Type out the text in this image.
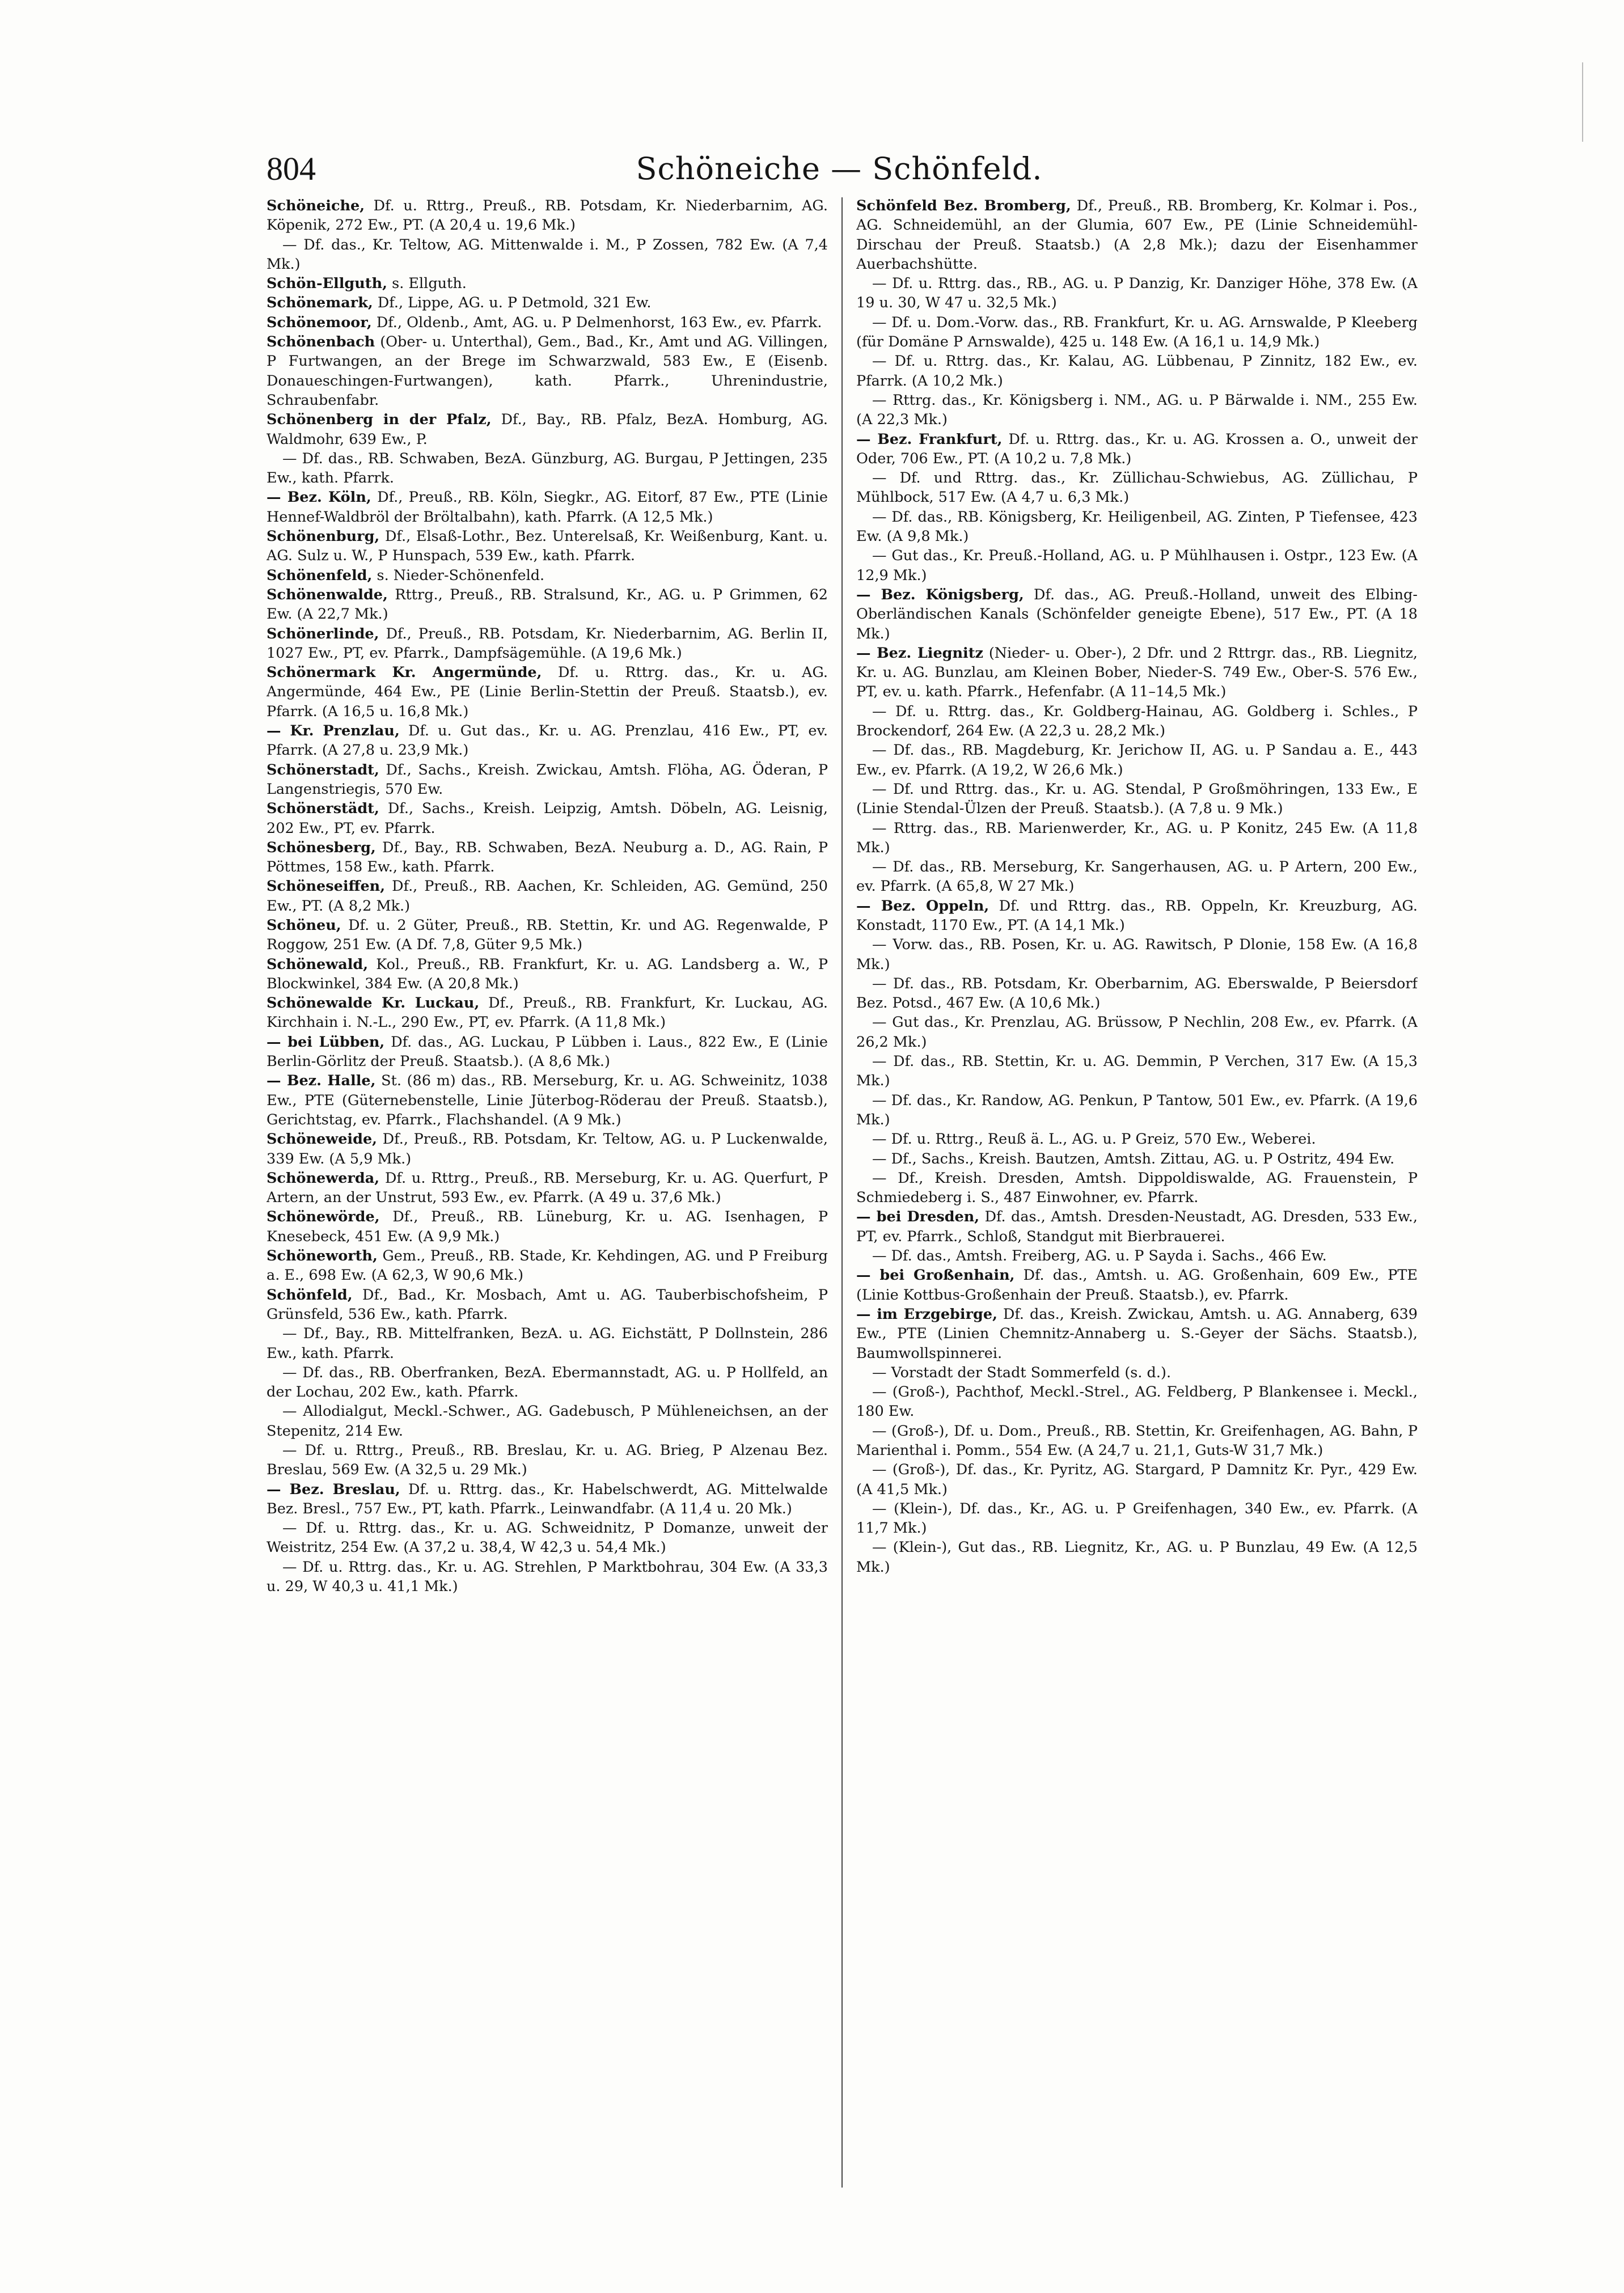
804	Schöneiche — Schönfeld.

Schöneiche, Df. u. Rttrg., Preuß., RB. Potsdam, Kr. Niederbarnim, AG. Köpenik, 272 Ew., PT. (A 20,4 u. 19,6 Mk.)

— Df. das., Kr. Teltow, AG. Mittenwalde i. M., P Zossen, 782 Ew. (A 7,4 Mk.)

Schön-Ellguth, s. Ellguth.

Schönemark, Df., Lippe, AG. u. P Detmold, 321 Ew.

Schönemoor, Df., Oldenb., Amt, AG. u. P Delmenhorst, 163 Ew., ev. Pfarrk.

Schönenbach (Ober- u. Unterthal), Gem., Bad., Kr., Amt und AG. Villingen, P Furtwangen, an der Brege im Schwarzwald, 583 Ew., E (Eisenb. Donaueschingen-Furtwangen), kath. Pfarrk., Uhrenindustrie, Schraubenfabr.

Schönenberg in der Pfalz, Df., Bay., RB. Pfalz, BezA. Homburg, AG. Waldmohr, 639 Ew., P.

— Df. das., RB. Schwaben, BezA. Günzburg, AG. Burgau, P Jettingen, 235 Ew., kath. Pfarrk.

— Bez. Köln, Df., Preuß., RB. Köln, Siegkr., AG. Eitorf, 87 Ew., PTE (Linie Hennef-Waldbröl der Bröltalbahn), kath. Pfarrk. (A 12,5 Mk.)

Schönenburg, Df., Elsaß-Lothr., Bez. Unterelsaß, Kr. Weißenburg, Kant. u. AG. Sulz u. W., P Hunspach, 539 Ew., kath. Pfarrk.

Schönenfeld, s. Nieder-Schönenfeld.

Schönenwalde, Rttrg., Preuß., RB. Stralsund, Kr., AG. u. P Grimmen, 62 Ew. (A 22,7 Mk.)

Schönerlinde, Df., Preuß., RB. Potsdam, Kr. Niederbarnim, AG. Berlin II, 1027 Ew., PT, ev. Pfarrk., Dampfsägemühle. (A 19,6 Mk.)

Schönermark Kr. Angermünde, Df. u. Rttrg. das., Kr. u. AG. Angermünde, 464 Ew., PE (Linie Berlin-Stettin der Preuß. Staatsb.), ev. Pfarrk. (A 16,5 u. 16,8 Mk.)

— Kr. Prenzlau, Df. u. Gut das., Kr. u. AG. Prenzlau, 416 Ew., PT, ev. Pfarrk. (A 27,8 u. 23,9 Mk.)

Schönerstadt, Df., Sachs., Kreish. Zwickau, Amtsh. Flöha, AG. Öderan, P Langenstriegis, 570 Ew.

Schönerstädt, Df., Sachs., Kreish. Leipzig, Amtsh. Döbeln, AG. Leisnig, 202 Ew., PT, ev. Pfarrk.

Schönesberg, Df., Bay., RB. Schwaben, BezA. Neuburg a. D., AG. Rain, P Pöttmes, 158 Ew., kath. Pfarrk.

Schöneseiffen, Df., Preuß., RB. Aachen, Kr. Schleiden, AG. Gemünd, 250 Ew., PT. (A 8,2 Mk.)

Schöneu, Df. u. 2 Güter, Preuß., RB. Stettin, Kr. und AG. Regenwalde, P Roggow, 251 Ew. (A Df. 7,8, Güter 9,5 Mk.)

Schönewald, Kol., Preuß., RB. Frankfurt, Kr. u. AG. Landsberg a. W., P Blockwinkel, 384 Ew. (A 20,8 Mk.)

Schönewalde Kr. Luckau, Df., Preuß., RB. Frankfurt, Kr. Luckau, AG. Kirchhain i. N.-L., 290 Ew., PT, ev. Pfarrk. (A 11,8 Mk.)

— bei Lübben, Df. das., AG. Luckau, P Lübben i. Laus., 822 Ew., E (Linie Berlin-Görlitz der Preuß. Staatsb.). (A 8,6 Mk.)

— Bez. Halle, St. (86 m) das., RB. Merseburg, Kr. u. AG. Schweinitz, 1038 Ew., PTE (Güternebenstelle, Linie Jüterbog-Röderau der Preuß. Staatsb.), Gerichtstag, ev. Pfarrk., Flachshandel. (A 9 Mk.)

Schöneweide, Df., Preuß., RB. Potsdam, Kr. Teltow, AG. u. P Luckenwalde, 339 Ew. (A 5,9 Mk.)

Schönewerda, Df. u. Rttrg., Preuß., RB. Merseburg, Kr. u. AG. Querfurt, P Artern, an der Unstrut, 593 Ew., ev. Pfarrk. (A 49 u. 37,6 Mk.)

Schönewörde, Df., Preuß., RB. Lüneburg, Kr. u. AG. Isenhagen, P Knesebeck, 451 Ew. (A 9,9 Mk.)

Schöneworth, Gem., Preuß., RB. Stade, Kr. Kehdingen, AG. und P Freiburg a. E., 698 Ew. (A 62,3, W 90,6 Mk.)

Schönfeld, Df., Bad., Kr. Mosbach, Amt u. AG. Tauberbischofsheim, P Grünsfeld, 536 Ew., kath. Pfarrk.

— Df., Bay., RB. Mittelfranken, BezA. u. AG. Eichstätt, P Dollnstein, 286 Ew., kath. Pfarrk.

— Df. das., RB. Oberfranken, BezA. Ebermannstadt, AG. u. P Hollfeld, an der Lochau, 202 Ew., kath. Pfarrk.

— Allodialgut, Meckl.-Schwer., AG. Gadebusch, P Mühleneichsen, an der Stepenitz, 214 Ew.

— Df. u. Rttrg., Preuß., RB. Breslau, Kr. u. AG. Brieg, P Alzenau Bez. Breslau, 569 Ew. (A 32,5 u. 29 Mk.)

— Bez. Breslau, Df. u. Rttrg. das., Kr. Habelschwerdt, AG. Mittelwalde Bez. Bresl., 757 Ew., PT, kath. Pfarrk., Leinwandfabr. (A 11,4 u. 20 Mk.)

— Df. u. Rttrg. das., Kr. u. AG. Schweidnitz, P Domanze, unweit der Weistritz, 254 Ew. (A 37,2 u. 38,4, W 42,3 u. 54,4 Mk.)

— Df. u. Rttrg. das., Kr. u. AG. Strehlen, P Marktbohrau, 304 Ew. (A 33,3 u. 29, W 40,3 u. 41,1 Mk.)

Schönfeld Bez. Bromberg, Df., Preuß., RB. Bromberg, Kr. Kolmar i. Pos., AG. Schneidemühl, an der Glumia, 607 Ew., PE (Linie Schneidemühl-Dirschau der Preuß. Staatsb.) (A 2,8 Mk.); dazu der Eisenhammer Auerbachshütte.

— Df. u. Rttrg. das., RB., AG. u. P Danzig, Kr. Danziger Höhe, 378 Ew. (A 19 u. 30, W 47 u. 32,5 Mk.)

— Df. u. Dom.-Vorw. das., RB. Frankfurt, Kr. u. AG. Arnswalde, P Kleeberg (für Domäne P Arnswalde), 425 u. 148 Ew. (A 16,1 u. 14,9 Mk.)

— Df. u. Rttrg. das., Kr. Kalau, AG. Lübbenau, P Zinnitz, 182 Ew., ev. Pfarrk. (A 10,2 Mk.)

— Rttrg. das., Kr. Königsberg i. NM., AG. u. P Bärwalde i. NM., 255 Ew. (A 22,3 Mk.)

— Bez. Frankfurt, Df. u. Rttrg. das., Kr. u. AG. Krossen a. O., unweit der Oder, 706 Ew., PT. (A 10,2 u. 7,8 Mk.)

— Df. und Rttrg. das., Kr. Züllichau-Schwiebus, AG. Züllichau, P Mühlbock, 517 Ew. (A 4,7 u. 6,3 Mk.)

— Df. das., RB. Königsberg, Kr. Heiligenbeil, AG. Zinten, P Tiefensee, 423 Ew. (A 9,8 Mk.)

— Gut das., Kr. Preuß.-Holland, AG. u. P Mühlhausen i. Ostpr., 123 Ew. (A 12,9 Mk.)

— Bez. Königsberg, Df. das., AG. Preuß.-Holland, unweit des Elbing-Oberländischen Kanals (Schönfelder geneigte Ebene), 517 Ew., PT. (A 18 Mk.)

— Bez. Liegnitz (Nieder- u. Ober-), 2 Dfr. und 2 Rttrgr. das., RB. Liegnitz, Kr. u. AG. Bunzlau, am Kleinen Bober, Nieder-S. 749 Ew., Ober-S. 576 Ew., PT, ev. u. kath. Pfarrk., Hefenfabr. (A 11–14,5 Mk.)

— Df. u. Rttrg. das., Kr. Goldberg-Hainau, AG. Goldberg i. Schles., P Brockendorf, 264 Ew. (A 22,3 u. 28,2 Mk.)

— Df. das., RB. Magdeburg, Kr. Jerichow II, AG. u. P Sandau a. E., 443 Ew., ev. Pfarrk. (A 19,2, W 26,6 Mk.)

— Df. und Rttrg. das., Kr. u. AG. Stendal, P Großmöhringen, 133 Ew., E (Linie Stendal-Ülzen der Preuß. Staatsb.). (A 7,8 u. 9 Mk.)

— Rttrg. das., RB. Marienwerder, Kr., AG. u. P Konitz, 245 Ew. (A 11,8 Mk.)

— Df. das., RB. Merseburg, Kr. Sangerhausen, AG. u. P Artern, 200 Ew., ev. Pfarrk. (A 65,8, W 27 Mk.)

— Bez. Oppeln, Df. und Rttrg. das., RB. Oppeln, Kr. Kreuzburg, AG. Konstadt, 1170 Ew., PT. (A 14,1 Mk.)

— Vorw. das., RB. Posen, Kr. u. AG. Rawitsch, P Dlonie, 158 Ew. (A 16,8 Mk.)

— Df. das., RB. Potsdam, Kr. Oberbarnim, AG. Eberswalde, P Beiersdorf Bez. Potsd., 467 Ew. (A 10,6 Mk.)

— Gut das., Kr. Prenzlau, AG. Brüssow, P Nechlin, 208 Ew., ev. Pfarrk. (A 26,2 Mk.)

— Df. das., RB. Stettin, Kr. u. AG. Demmin, P Verchen, 317 Ew. (A 15,3 Mk.)

— Df. das., Kr. Randow, AG. Penkun, P Tantow, 501 Ew., ev. Pfarrk. (A 19,6 Mk.)

— Df. u. Rttrg., Reuß ä. L., AG. u. P Greiz, 570 Ew., Weberei.

— Df., Sachs., Kreish. Bautzen, Amtsh. Zittau, AG. u. P Ostritz, 494 Ew.

— Df., Kreish. Dresden, Amtsh. Dippoldiswalde, AG. Frauenstein, P Schmiedeberg i. S., 487 Einwohner, ev. Pfarrk.

— bei Dresden, Df. das., Amtsh. Dresden-Neustadt, AG. Dresden, 533 Ew., PT, ev. Pfarrk., Schloß, Standgut mit Bierbrauerei.

— Df. das., Amtsh. Freiberg, AG. u. P Sayda i. Sachs., 466 Ew.

— bei Großenhain, Df. das., Amtsh. u. AG. Großenhain, 609 Ew., PTE (Linie Kottbus-Großenhain der Preuß. Staatsb.), ev. Pfarrk.

— im Erzgebirge, Df. das., Kreish. Zwickau, Amtsh. u. AG. Annaberg, 639 Ew., PTE (Linien Chemnitz-Annaberg u. S.-Geyer der Sächs. Staatsb.), Baumwollspinnerei.

— Vorstadt der Stadt Sommerfeld (s. d.).

— (Groß-), Pachthof, Meckl.-Strel., AG. Feldberg, P Blankensee i. Meckl., 180 Ew.

— (Groß-), Df. u. Dom., Preuß., RB. Stettin, Kr. Greifenhagen, AG. Bahn, P Marienthal i. Pomm., 554 Ew. (A 24,7 u. 21,1, Guts-W 31,7 Mk.)

— (Groß-), Df. das., Kr. Pyritz, AG. Stargard, P Damnitz Kr. Pyr., 429 Ew. (A 41,5 Mk.)

— (Klein-), Df. das., Kr., AG. u. P Greifenhagen, 340 Ew., ev. Pfarrk. (A 11,7 Mk.)

— (Klein-), Gut das., RB. Liegnitz, Kr., AG. u. P Bunzlau, 49 Ew. (A 12,5 Mk.)
